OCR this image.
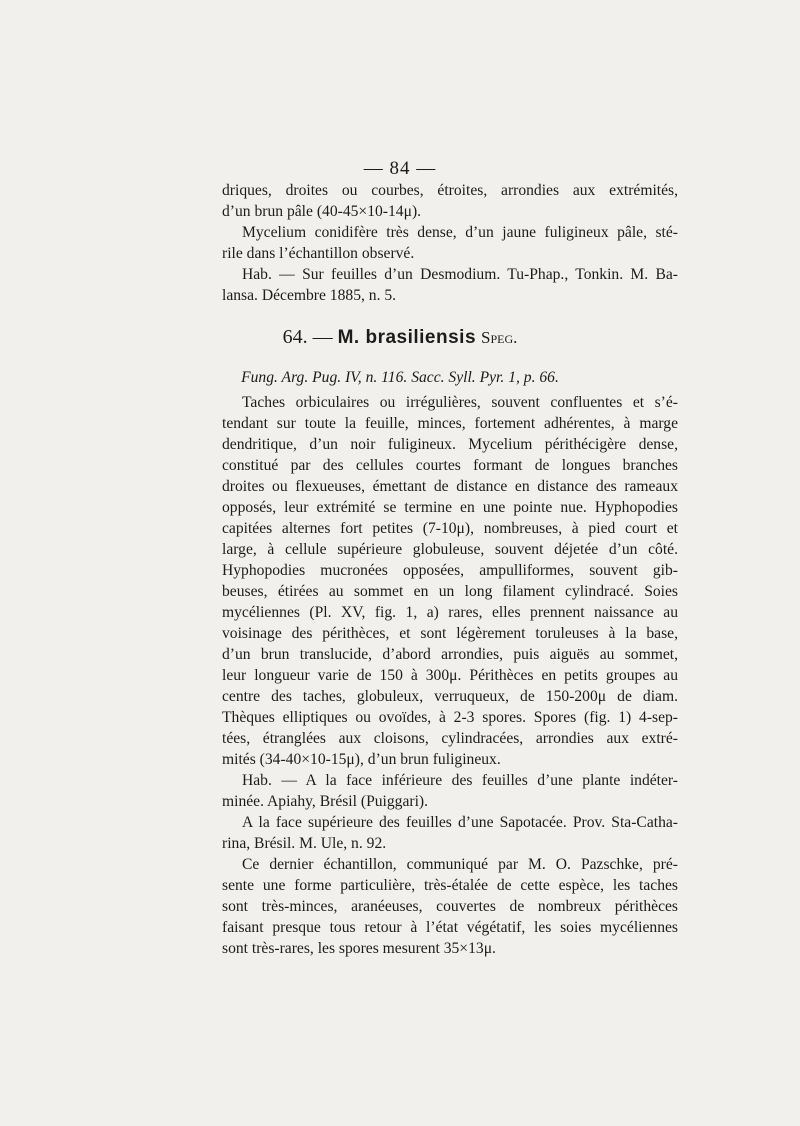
— 84 —
driques, droites ou courbes, étroites, arrondies aux extrémités,
d’un brun pâle (40-45×10-14μ).
Mycelium conidifère très dense, d’un jaune fuligineux pâle, sté-
rile dans l’échantillon observé.
Hab. — Sur feuilles d’un Desmodium. Tu-Phap., Tonkin. M. Ba-
lansa. Décembre 1885, n. 5.
64. — M. brasiliensis Speg.
Fung. Arg. Pug. IV, n. 116. Sacc. Syll. Pyr. 1, p. 66.
Taches orbiculaires ou irrégulières, souvent confluentes et s’é-
tendant sur toute la feuille, minces, fortement adhérentes, à marge
dendritique, d’un noir fuligineux. Mycelium périthécigère dense,
constitué par des cellules courtes formant de longues branches
droites ou flexueuses, émettant de distance en distance des rameaux
opposés, leur extrémité se termine en une pointe nue. Hyphopodies
capitées alternes fort petites (7-10μ), nombreuses, à pied court et
large, à cellule supérieure globuleuse, souvent déjetée d’un côté.
Hyphopodies mucronées opposées, ampulliformes, souvent gib-
beuses, étirées au sommet en un long filament cylindracé. Soies
mycéliennes (Pl. XV, fig. 1, a) rares, elles prennent naissance au
voisinage des périthèces, et sont légèrement toruleuses à la base,
d’un brun translucide, d’abord arrondies, puis aiguës au sommet,
leur longueur varie de 150 à 300μ. Périthèces en petits groupes au
centre des taches, globuleux, verruqueux, de 150-200μ de diam.
Thèques elliptiques ou ovoïdes, à 2-3 spores. Spores (fig. 1) 4-sep-
tées, étranglées aux cloisons, cylindracées, arrondies aux extré-
mités (34-40×10-15μ), d’un brun fuligineux.
Hab. — A la face inférieure des feuilles d’une plante indéter-
minée. Apiahy, Brésil (Puiggari).
A la face supérieure des feuilles d’une Sapotacée. Prov. Sta-Catha-
rina, Brésil. M. Ule, n. 92.
Ce dernier échantillon, communiqué par M. O. Pazschke, pré-
sente une forme particulière, très-étalée de cette espèce, les taches
sont très-minces, aranéeuses, couvertes de nombreux périthèces
faisant presque tous retour à l’état végétatif, les soies mycéliennes
sont très-rares, les spores mesurent 35×13μ.
